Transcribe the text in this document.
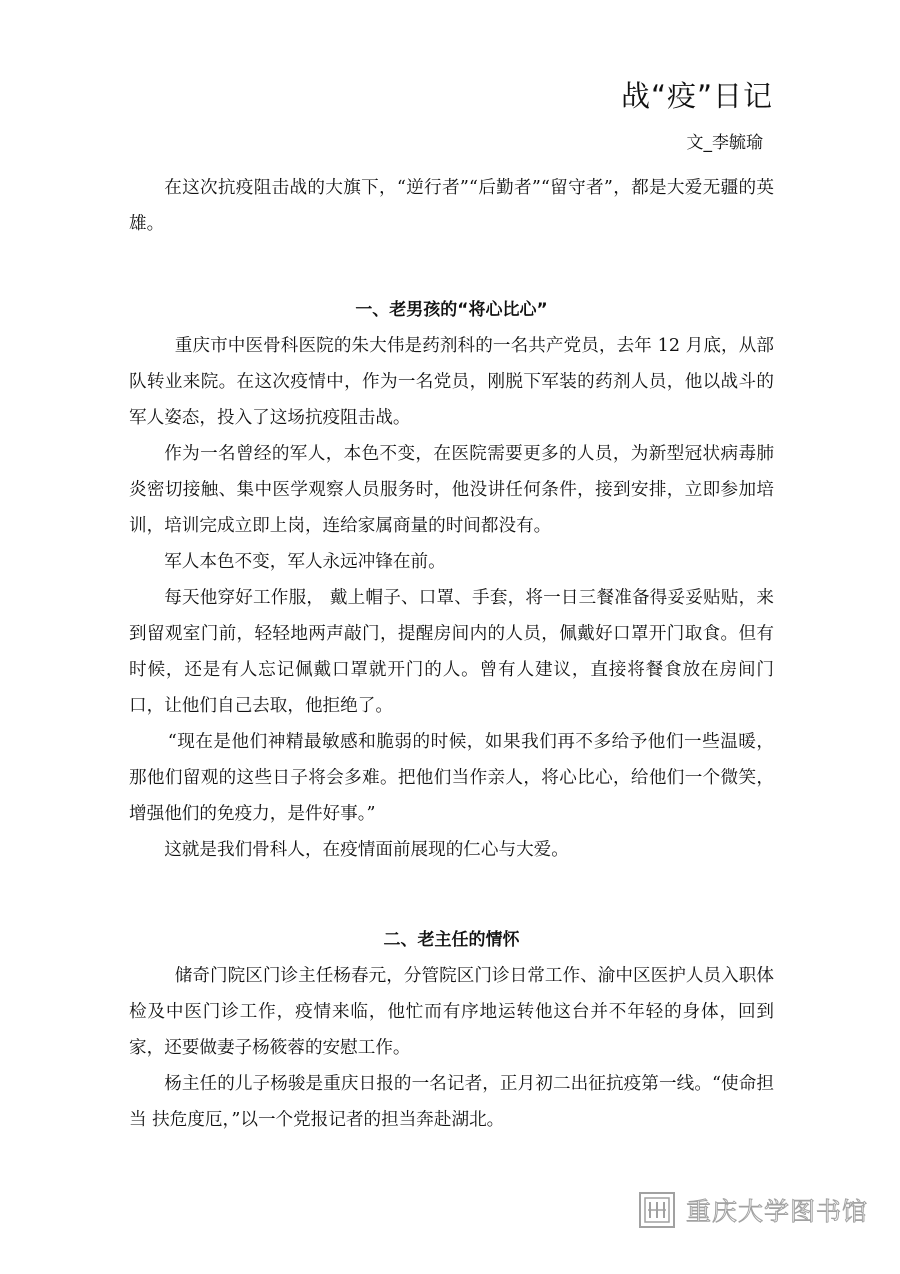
战“疫”日记
文_李毓瑜

在这次抗疫阻击战的大旗下，“逆行者”“后勤者”“留守者”，都是大爱无疆的英雄。

一、老男孩的“将心比心”

重庆市中医骨科医院的朱大伟是药剂科的一名共产党员，去年 12 月底，从部队转业来院。在这次疫情中，作为一名党员，刚脱下军装的药剂人员，他以战斗的军人姿态，投入了这场抗疫阻击战。

作为一名曾经的军人，本色不变，在医院需要更多的人员，为新型冠状病毒肺炎密切接触、集中医学观察人员服务时，他没讲任何条件，接到安排，立即参加培训，培训完成立即上岗，连给家属商量的时间都没有。

军人本色不变，军人永远冲锋在前。

每天他穿好工作服， 戴上帽子、口罩、手套，将一日三餐准备得妥妥贴贴，来到留观室门前，轻轻地两声敲门，提醒房间内的人员，佩戴好口罩开门取食。但有时候，还是有人忘记佩戴口罩就开门的人。曾有人建议，直接将餐食放在房间门口，让他们自己去取，他拒绝了。

“现在是他们神精最敏感和脆弱的时候，如果我们再不多给予他们一些温暖，那他们留观的这些日子将会多难。把他们当作亲人，将心比心，给他们一个微笑，增强他们的免疫力，是件好事。”

这就是我们骨科人，在疫情面前展现的仁心与大爱。

二、老主任的情怀

储奇门院区门诊主任杨春元，分管院区门诊日常工作、渝中区医护人员入职体检及中医门诊工作，疫情来临，他忙而有序地运转他这台并不年轻的身体，回到家，还要做妻子杨筱蓉的安慰工作。

杨主任的儿子杨骏是重庆日报的一名记者，正月初二出征抗疫第一线。“使命担当 扶危度厄，”以一个党报记者的担当奔赴湖北。

重庆大学图书馆
